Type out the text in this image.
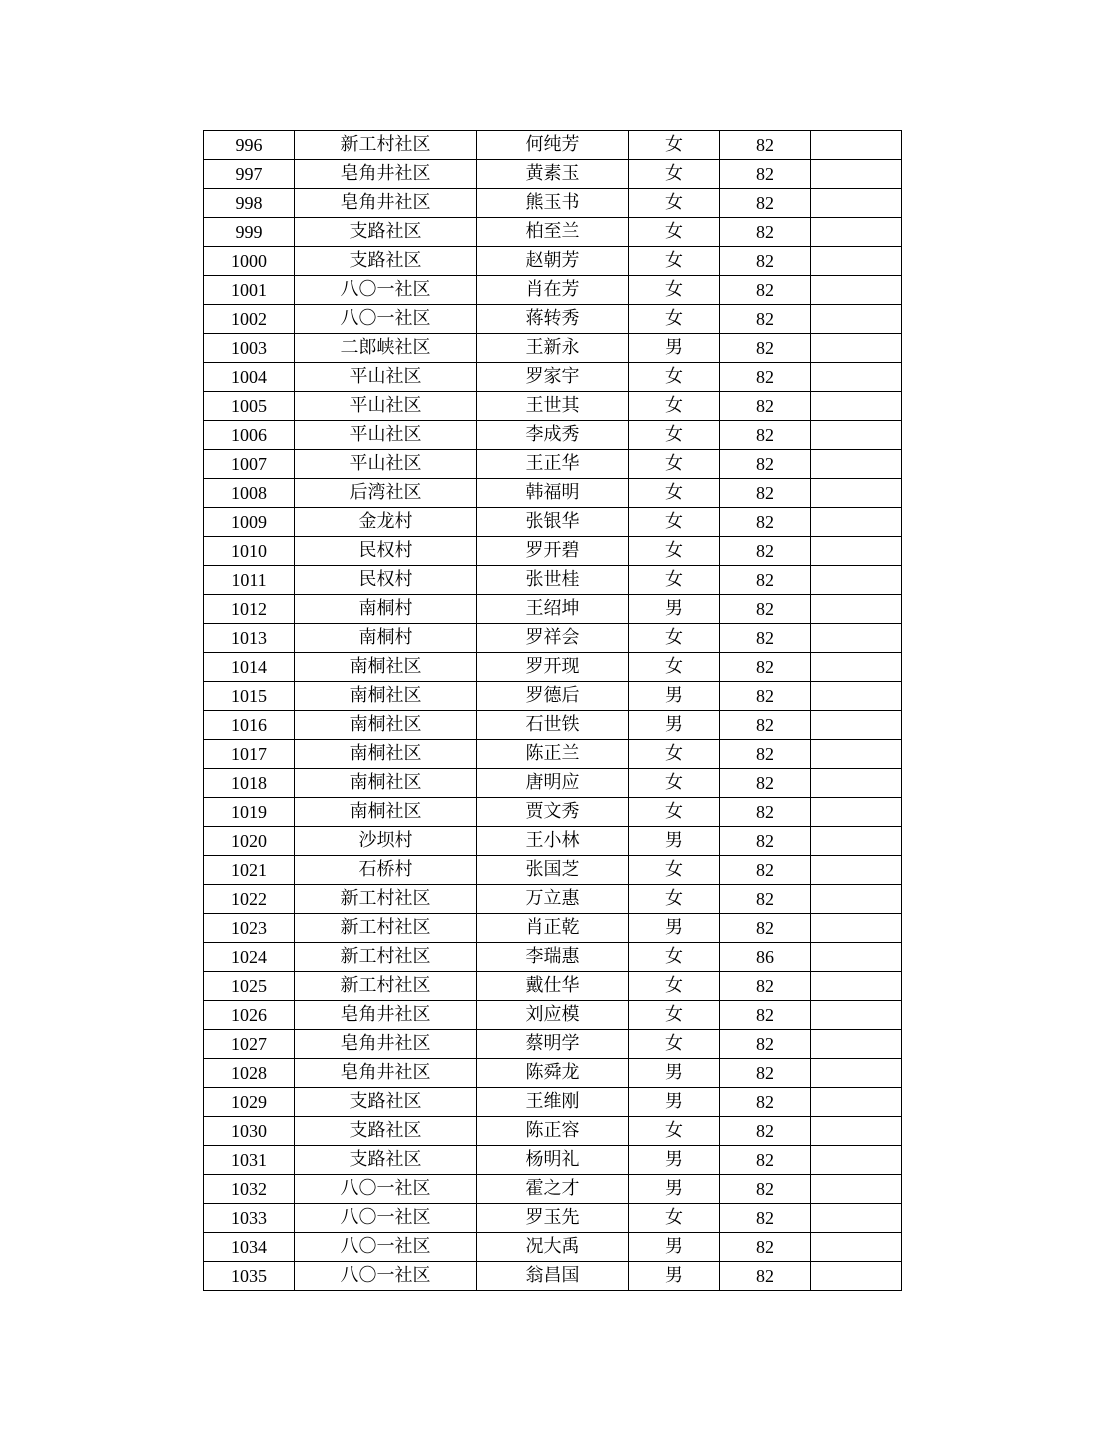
996	新工村社区	何纯芳	女	82	
997	皂角井社区	黄素玉	女	82	
998	皂角井社区	熊玉书	女	82	
999	支路社区	柏至兰	女	82	
1000	支路社区	赵朝芳	女	82	
1001	八〇一社区	肖在芳	女	82	
1002	八〇一社区	蒋转秀	女	82	
1003	二郎峡社区	王新永	男	82	
1004	平山社区	罗家宇	女	82	
1005	平山社区	王世其	女	82	
1006	平山社区	李成秀	女	82	
1007	平山社区	王正华	女	82	
1008	后湾社区	韩福明	女	82	
1009	金龙村	张银华	女	82	
1010	民权村	罗开碧	女	82	
1011	民权村	张世桂	女	82	
1012	南桐村	王绍坤	男	82	
1013	南桐村	罗祥会	女	82	
1014	南桐社区	罗开现	女	82	
1015	南桐社区	罗德后	男	82	
1016	南桐社区	石世铁	男	82	
1017	南桐社区	陈正兰	女	82	
1018	南桐社区	唐明应	女	82	
1019	南桐社区	贾文秀	女	82	
1020	沙坝村	王小林	男	82	
1021	石桥村	张国芝	女	82	
1022	新工村社区	万立惠	女	82	
1023	新工村社区	肖正乾	男	82	
1024	新工村社区	李瑞惠	女	86	
1025	新工村社区	戴仕华	女	82	
1026	皂角井社区	刘应模	女	82	
1027	皂角井社区	蔡明学	女	82	
1028	皂角井社区	陈舜龙	男	82	
1029	支路社区	王维刚	男	82	
1030	支路社区	陈正容	女	82	
1031	支路社区	杨明礼	男	82	
1032	八〇一社区	霍之才	男	82	
1033	八〇一社区	罗玉先	女	82	
1034	八〇一社区	况大禹	男	82	
1035	八〇一社区	翁昌国	男	82	
